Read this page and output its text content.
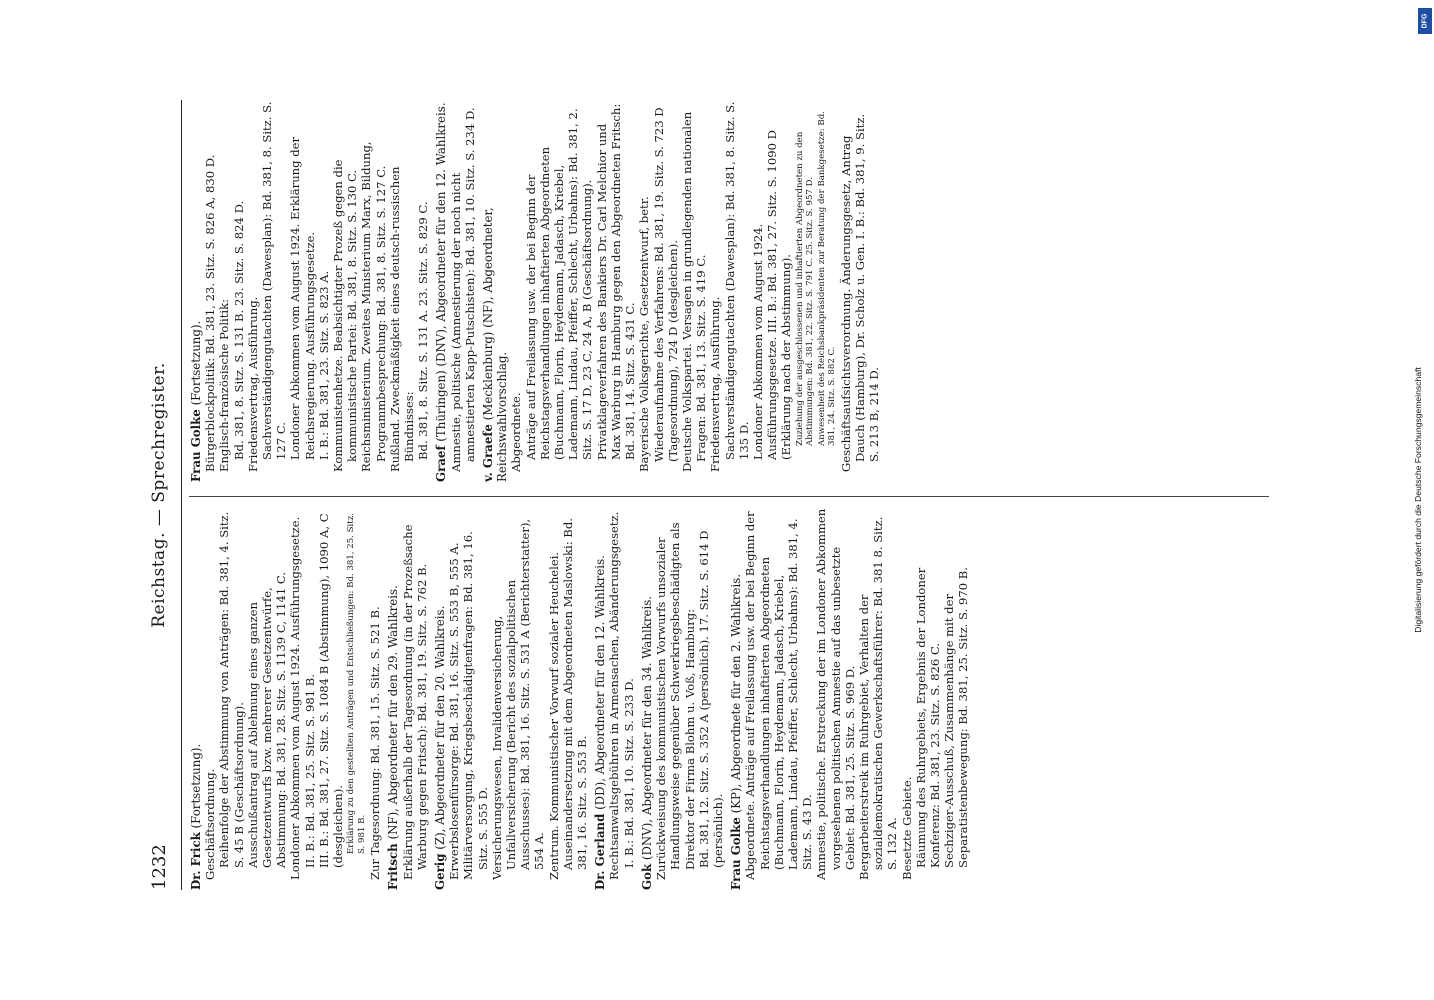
1232
Reichstag. — Sprechregister.

Dr. Frick (Fortsetzung). Geschäftsordnung. Reihenfolge der Abstimmung von Anträgen: Bd. 381, 4. Sitz. S. 45 B (Geschäftsordnung). Ausschußantrag auf Ablehnung eines ganzen Gesetzentwurfs bzw. mehrerer Gesetzentwürfe, Abstimmung: Bd. 381, 28. Sitz. S. 1139 C, 1141 C. Londoner Abkommen vom August 1924. Ausführungsgesetze. II. B.: Bd. 381, 25. Sitz. S. 981 B. III. B.: Bd. 381, 27. Sitz. S. 1084 B (Abstimmung), 1090 A, C (desgleichen). Erklärung zu den gestellten Anträgen und Entschließungen: Bd. 381, 25. Sitz. S. 981 B. Zur Tagesordnung: Bd. 381, 15. Sitz. S. 521 B. Fritsch (NF), Abgeordneter für den 29. Wahlkreis. Erklärung außerhalb der Tagesordnung (in der Prozeßsache Warburg gegen Fritsch): Bd. 381, 19. Sitz. S. 762 B.

Gerig (Z), Abgeordneter für den 20. Wahlkreis. Erwerbslosenfürsorge: Bd. 381, 16. Sitz. S. 553 B, 555 A. Militärversorgung, Kriegsbeschädigtenfragen: Bd. 381, 16. Sitz. S. 555 D. Versicherungswesen, Invalidenversicherung, Unfallversicherung (Bericht des sozialpolitischen Ausschusses): Bd. 381, 16. Sitz. S. 531 A (Berichterstatter), 554 A. Zentrum. Kommunistischer Vorwurf sozialer Heuchelei. Auseinandersetzung mit dem Abgeordneten Maslowski: Bd. 381, 16. Sitz. S. 553 B. Dr. Gerland (DD), Abgeordneter für den 12. Wahlkreis. Rechtsanwaltsgebühren in Armensachen, Abänderungsgesetz. I. B.: Bd. 381, 10. Sitz. S. 233 D.

Gok (DNV), Abgeordneter für den 34. Wahlkreis. Zurückweisung des kommunistischen Vorwurfs unsozialer Handlungsweise gegenüber Schwerkriegsbeschädigten als Direktor der Firma Blohm u. Voß, Hamburg: Bd. 381, 12. Sitz. S. 352 A (persönlich). 17. Sitz. S. 614 D (persönlich). Frau Golke (KP), Abgeordnete für den 2. Wahlkreis. Abgeordnete. Anträge auf Freilassung usw. der bei Beginn der Reichstagsverhandlungen inhaftierten Abgeordneten (Buchmann, Florin, Heydemann, Jadasch, Kriebel, Lademann, Lindau, Pfeiffer, Schlecht, Urbahns): Bd. 381, 4. Sitz. S. 43 D. Amnestie, politische. Erstreckung der im Londoner Abkommen vorgesehenen politischen Amnestie auf das unbesetzte Gebiet: Bd. 381, 25. Sitz. S. 969 D. Bergarbeiterstreik im Ruhrgebiet, Verhalten der sozialdemokratischen Gewerkschaftsführer: Bd. 381 8. Sitz. S. 132 A. Besetzte Gebiete. Räumung des Ruhrgebiets, Ergebnis der Londoner Konferenz: Bd. 381, 23. Sitz. S. 826 C. Sechziger-Ausschuß, Zusammenhänge mit der Separatistenbewegung: Bd. 381, 25. Sitz. S. 970 B.

Frau Golke (Fortsetzung). Bürgerblockpolitik: Bd. 381, 23. Sitz. S. 826 A, 830 D. Englisch-französische Politik: Bd. 381, 8. Sitz. S. 131 B. 23. Sitz. S. 824 D. Friedensvertrag, Ausführung. Sachverständigengutachten (Dawesplan): Bd. 381, 8. Sitz. S. 127 C. Londoner Abkommen vom August 1924. Erklärung der Reichsregierung. Ausführungsgesetze. I. B.: Bd. 381, 23. Sitz. S. 823 A. Kommunistenhetze. Beabsichtigter Prozeß gegen die kommunistische Partei: Bd. 381, 8. Sitz. S. 130 C. Reichsministerium. Zweites Ministerium Marx, Bildung, Programmbesprechung: Bd. 381, 8. Sitz. S. 127 C. Rußland. Zweckmäßigkeit eines deutsch-russischen Bündnisses: Bd. 381, 8. Sitz. S. 131 A. 23. Sitz. S. 829 C.

Graef (Thüringen) (DNV), Abgeordneter für den 12. Wahlkreis. Amnestie, politische (Amnestierung der noch nicht amnestierten Kapp-Putschisten): Bd. 381, 10. Sitz. S. 234 D. v. Graefe (Mecklenburg) (NF), Abgeordneter, Reichswahlvorschlag. Abgeordnete. Anträge auf Freilassung usw. der bei Beginn der Reichstagsverhandlungen inhaftierten Abgeordneten (Buchmann, Florin, Heydemann, Jadasch, Kriebel, Lademann, Lindau, Pfeiffer, Schlecht, Urbahns): Bd. 381, 2. Sitz. S. 17 D, 23 C, 24 A, B (Geschäftsordnung). Privatklageverfahren des Bankiers Dr. Carl Melchior und Max Warburg in Hamburg gegen den Abgeordneten Fritsch: Bd. 381, 14. Sitz. S. 431 C. Bayerische Volksgerichte, Gesetzentwurf, betr. Wiederaufnahme des Verfahrens: Bd. 381, 19. Sitz. S. 723 D (Tagesordnung), 724 D (desgleichen). Deutsche Volkspartei. Versagen in grundlegenden nationalen Fragen: Bd. 381, 13. Sitz. S. 419 C. Friedensvertrag, Ausführung. Sachverständigengutachten (Dawesplan): Bd. 381, 8. Sitz. S. 135 D. Londoner Abkommen vom August 1924. Ausführungsgesetze. III. B.: Bd. 381, 27. Sitz. S. 1090 D (Erklärung nach der Abstimmung). Zuziehung der ausgeschlossenen und inhaftierten Abgeordneten zu den Abstimmungen: Bd. 381, 22. Sitz. S. 791 C. 25. Sitz. S. 957 D. Anwesenheit des Reichsbankpräsidenten zur Beratung der Bankgesetze: Bd. 381, 24. Sitz. S. 882 C. Geschäftsaufsichtsverordnung. Änderungsgesetz, Antrag Dauch (Hamburg), Dr. Scholz u. Gen. I. B.: Bd. 381, 9. Sitz. S. 213 B, 214 D.	Digitalisierung gefördert durch die Deutsche Forschungsgemeinschaft
DFG
